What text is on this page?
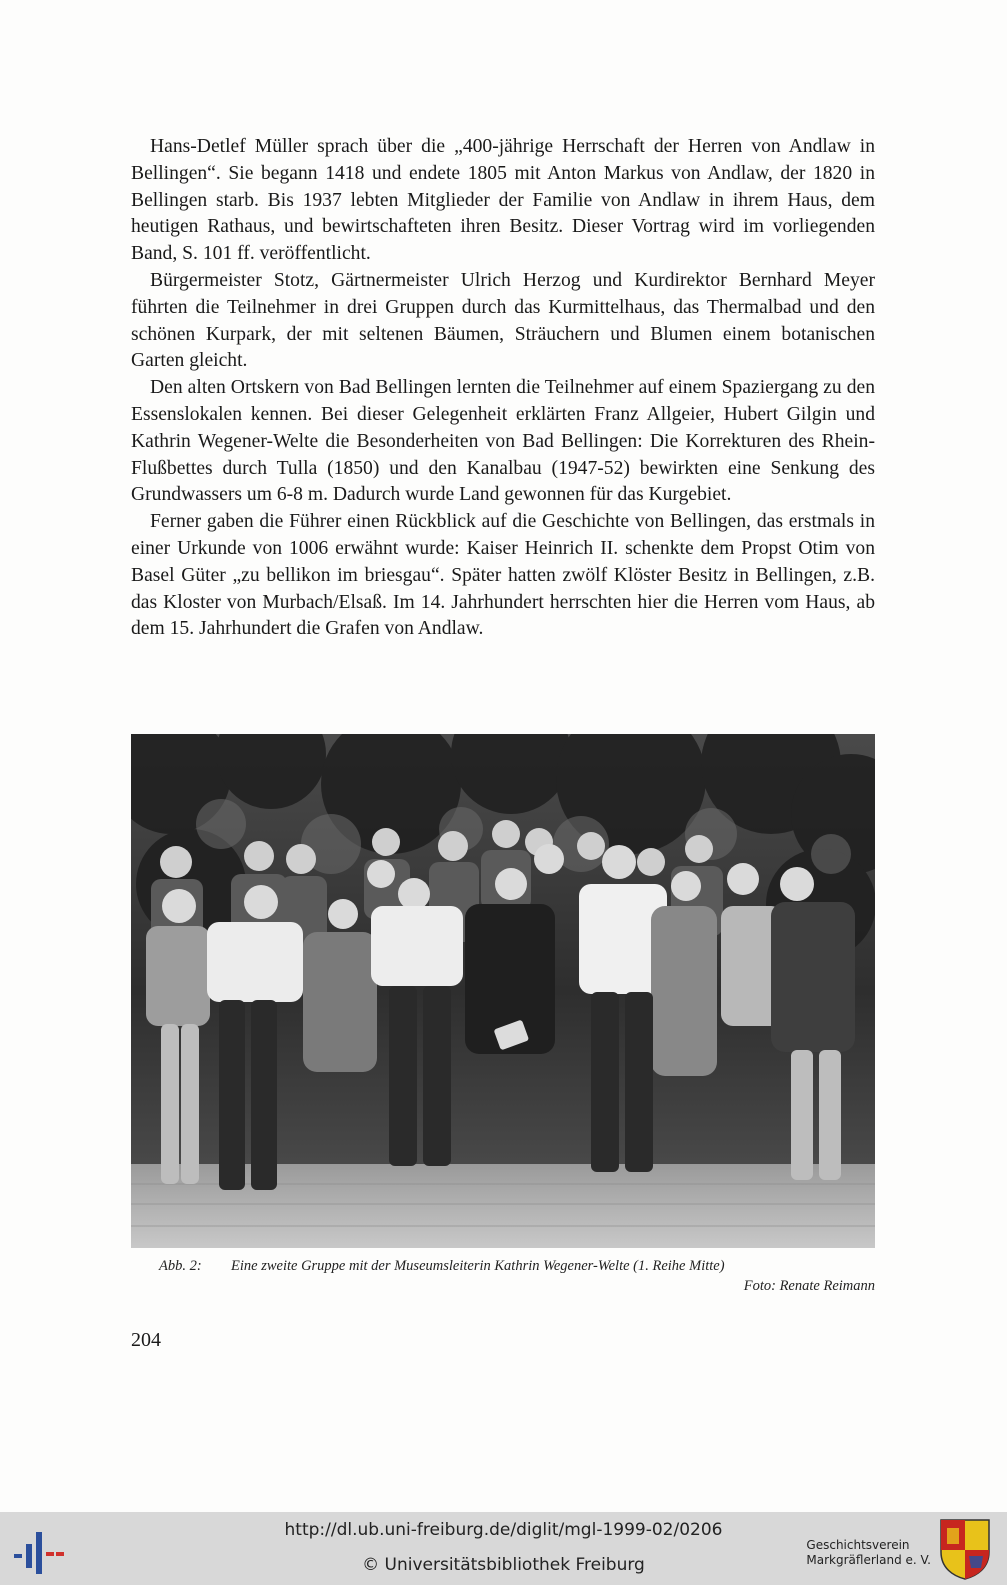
Hans-Detlef Müller sprach über die „400-jährige Herrschaft der Herren von Andlaw in Bellingen“. Sie begann 1418 und endete 1805 mit Anton Markus von Andlaw, der 1820 in Bellingen starb. Bis 1937 lebten Mitglieder der Familie von Andlaw in ihrem Haus, dem heutigen Rathaus, und bewirtschafteten ihren Besitz. Dieser Vortrag wird im vorliegenden Band, S. 101 ff. veröffentlicht.

Bürgermeister Stotz, Gärtnermeister Ulrich Herzog und Kurdirektor Bernhard Meyer führten die Teilnehmer in drei Gruppen durch das Kurmittelhaus, das Thermalbad und den schönen Kurpark, der mit seltenen Bäumen, Sträuchern und Blumen einem botanischen Garten gleicht.

Den alten Ortskern von Bad Bellingen lernten die Teilnehmer auf einem Spaziergang zu den Essenslokalen kennen. Bei dieser Gelegenheit erklärten Franz Allgeier, Hubert Gilgin und Kathrin Wegener-Welte die Besonderheiten von Bad Bellingen: Die Korrekturen des Rhein-Flußbettes durch Tulla (1850) und den Kanalbau (1947-52) bewirkten eine Senkung des Grundwassers um 6-8 m. Dadurch wurde Land gewonnen für das Kurgebiet.

Ferner gaben die Führer einen Rückblick auf die Geschichte von Bellingen, das erstmals in einer Urkunde von 1006 erwähnt wurde: Kaiser Heinrich II. schenkte dem Propst Otim von Basel Güter „zu bellikon im briesgau“. Später hatten zwölf Klöster Besitz in Bellingen, z.B. das Kloster von Murbach/Elsaß. Im 14. Jahrhundert herrschten hier die Herren vom Haus, ab dem 15. Jahrhundert die Grafen von Andlaw.

Abb. 2:	Eine zweite Gruppe mit der Museumsleiterin Kathrin Wegener-Welte (1. Reihe Mitte)
Foto: Renate Reimann
204
http://dl.ub.uni-freiburg.de/diglit/mgl-1999-02/0206
© Universitätsbibliothek Freiburg
Geschichtsverein
Markgräflerland e. V.
